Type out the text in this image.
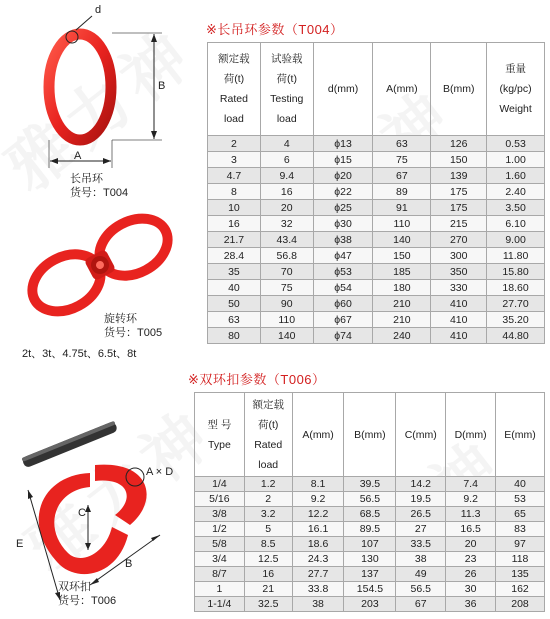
d
B
A
长吊环
货号：T004
旋转环
货号：T005
2t、3t、4.75t、6.5t、8t
A × D
C
E
B
双环扣
货号：T006
※长吊环参数（T004）
额定载
荷(t)
Rated
load	试验载
荷(t)
Testing
load	d(mm)	A(mm)	B(mm)	重量
(kg/pc)
Weight
2	4	ϕ13	63	126	0.53
3	6	ϕ15	75	150	1.00
4.7	9.4	ϕ20	67	139	1.60
8	16	ϕ22	89	175	2.40
10	20	ϕ25	91	175	3.50
16	32	ϕ30	110	215	6.10
21.7	43.4	ϕ38	140	270	9.00
28.4	56.8	ϕ47	150	300	11.80
35	70	ϕ53	185	350	15.80
40	75	ϕ54	180	330	18.60
50	90	ϕ60	210	410	27.70
63	110	ϕ67	210	410	35.20
80	140	ϕ74	240	410	44.80
※双环扣参数（T006）
型 号
Type	额定载
荷(t)
Rated
load	A(mm)	B(mm)	C(mm)	D(mm)	E(mm)
1/4	1.2	8.1	39.5	14.2	7.4	40
5/16	2	9.2	56.5	19.5	9.2	53
3/8	3.2	12.2	68.5	26.5	11.3	65
1/2	5	16.1	89.5	27	16.5	83
5/8	8.5	18.6	107	33.5	20	97
3/4	12.5	24.3	130	38	23	118
8/7	16	27.7	137	49	26	135
1	21	33.8	154.5	56.5	30	162
1-1/4	32.5	38	203	67	36	208
